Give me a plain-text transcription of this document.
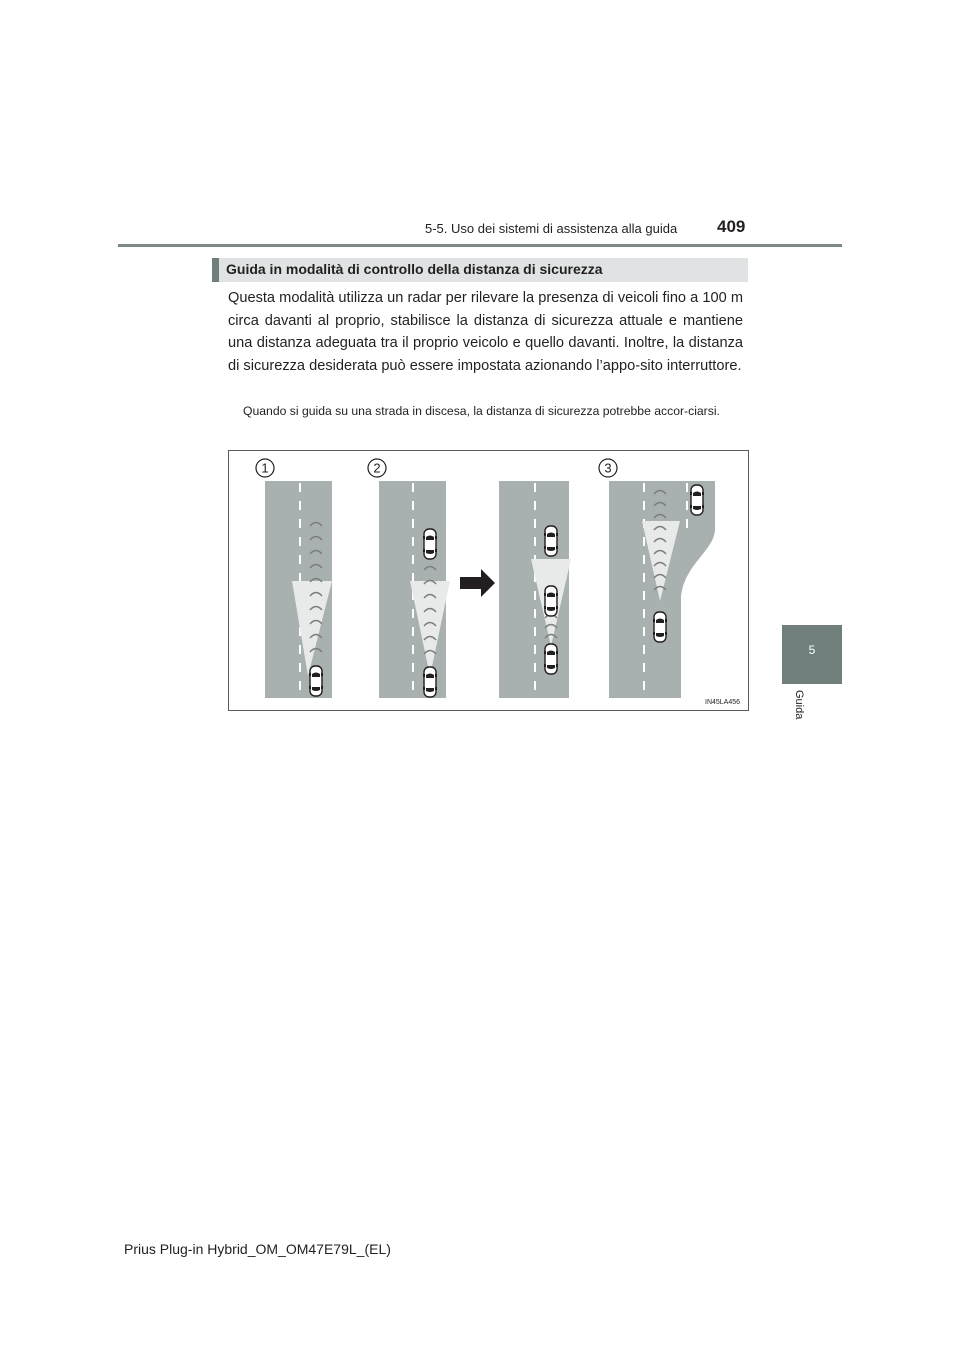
5-5. Uso dei sistemi di assistenza alla guida 409
5
Guida
Guida in modalità di controllo della distanza di sicurezza
Questa modalità utilizza un radar per rilevare la presenza di veicoli fino a 100 m circa davanti al proprio, stabilisce la distanza di sicurezza attuale e mantiene una distanza adeguata tra il proprio veicolo e quello davanti. Inoltre, la distanza di sicurezza desiderata può essere impostata azionando l’appo-sito interruttore.
Quando si guida su una strada in discesa, la distanza di sicurezza potrebbe accor-ciarsi.
1	2	3
IN45LA456
Prius Plug-in Hybrid_OM_OM47E79L_(EL)
